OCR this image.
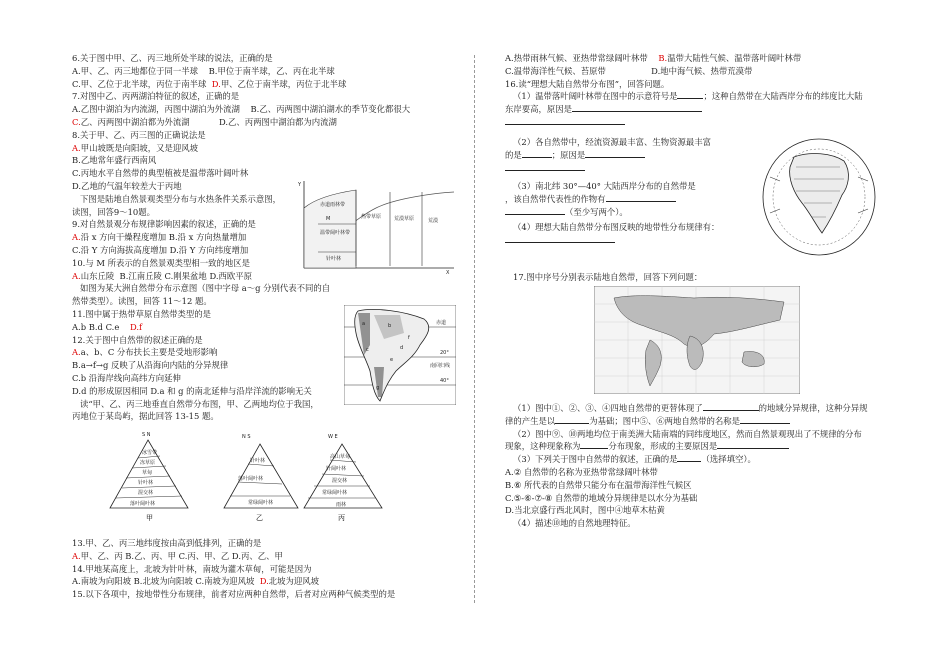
6.关于图中甲、乙、丙三地所处半球的说法，正确的是
A.甲、乙、丙三地都位于同一半球 B.甲位于南半球，乙、丙在北半球
C.甲、乙位于北半球，丙位于南半球 D.甲、乙位于南半球，丙位于北半球
7.对图中乙、丙两湖泊特征的叙述，正确的是
A.乙图中湖泊为内流湖，丙图中湖泊为外流湖 B.乙、丙两图中湖泊湖水的季节变化都很大
C.乙、丙两图中湖泊都为外流湖	D.乙、丙两图中湖泊都为内流湖
8.关于甲、乙、丙三图的正确说法是
A.甲山坡既是向阳坡，又是迎风坡
B.乙地常年盛行西南风
C.丙地水平自然带的典型植被是温带落叶阔叶林
D.乙地的气温年较差大于丙地
下图是陆地自然景观类型分布与水热条件关系示意图，
读图，回答9～10题。
9.对自然景观分布规律影响因素的叙述，正确的是
A.沿 x 方向干燥程度增加 B.沿 x 方向热量增加
C.沿 Y 方向海拔高度增加 D.沿 Y 方向纬度增加
10.与 M 所表示的自然景观类型相一致的地区是
A.山东丘陵 B.江南丘陵 C.刚果盆地 D.西欧平原
如图为某大洲自然带分布示意图（图中字母 a～g 分别代表不同的自
然带类型）。读图，回答 11～12 题。
11.图中属于热带草原自然带类型的是
A.b B.d C.e D.f
12.关于图中自然带的叙述正确的是
A.a、b、C 分布扶长主要是受地形影响
B.a→f→g 反映了从沿海向内陆的分异规律
C.b 沿海岸线向高纬方向延伸
D.d 的形成原因相同 D.a 和 g 的南北延伸与沿岸洋流的影响无关
读“甲、乙、丙三地垂直自然带分布图，甲、乙两地均位于我国，
丙地位于某岛屿，据此回答 13-15 题。
13.甲、乙、丙三地纬度按由高到低排列，正确的是
A.甲、乙、丙 B.乙、丙、甲 C.丙、甲、乙 D.丙、乙、甲
14.甲地某高度上，北坡为针叶林，南坡为灌木草甸，可能是因为
A.南坡为向阳坡 B.北坡为向阳坡 C.南坡为迎风坡 D.北坡为迎风坡
15.以下各项中，按地带性分布规律，前者对应两种自然带，后者对应两种气候类型的是
赤道雨林带
热带草原	荒漠草原	荒漠
温带阔叶林带
针叶林
M
Y
X
赤道
20°
南回归线
40°
a	b
c	d
e
f
g
S N
冰雪带
冻草原
草甸
针叶林
混交林
落叶阔叶林
甲
N S
针叶林
落叶阔叶林
常绿阔叶林
乙
W E
高山草甸
针阔叶林
混交林
常绿阔叶林
雨林
丙
A.热带雨林气候、亚热带常绿阔叶林带 B.温带大陆性气候、温带落叶阔叶林带
C.温带海洋性气候、苔原带	D.地中海气候、热带荒漠带
16.读“理想大陆自然带分布图”，回答问题。
（1）温带落叶阔叶林带在图中的示意符号是	；这种自然带在大陆西岸分布的纬度比大陆
东岸要高，原因是
（2）各自然带中，经流资源最丰富、生物资源最丰富
的是	；原因是
（3）南北纬 30°—40° 大陆西岸分布的自然带是
，该自然带代表性的作物有
（至少写两个）。
（4）理想大陆自然带分布图反映的地带性分布规律有：
17.图中序号分别表示陆地自然带，回答下列问题：
（1）图中①、②、③、④四地自然带的更替体现了	的地域分异规律，这种分异规
律的产生是以	为基础；图中⑤、⑥两地自然带的名称是
（2）图中⑨、⑩两地均位于南美洲大陆南端的同纬度地区，然而自然景观现出了不规律的分布
现象，这种现象称为	分布现象，形成的主要原因是
（3）下列关于图中自然带的叙述，正确的是	（选择填空）。
A.② 自然带的名称为亚热带常绿阔叶林带
B.⑥ 所代表的自然带只能分布在温带海洋性气候区
C.⑤-⑥-⑦-⑧ 自然带的地域分异规律是以水分为基础
D.当北京盛行西北风时，图中④地草木枯黄
（4）描述⑩地的自然地理特征。
